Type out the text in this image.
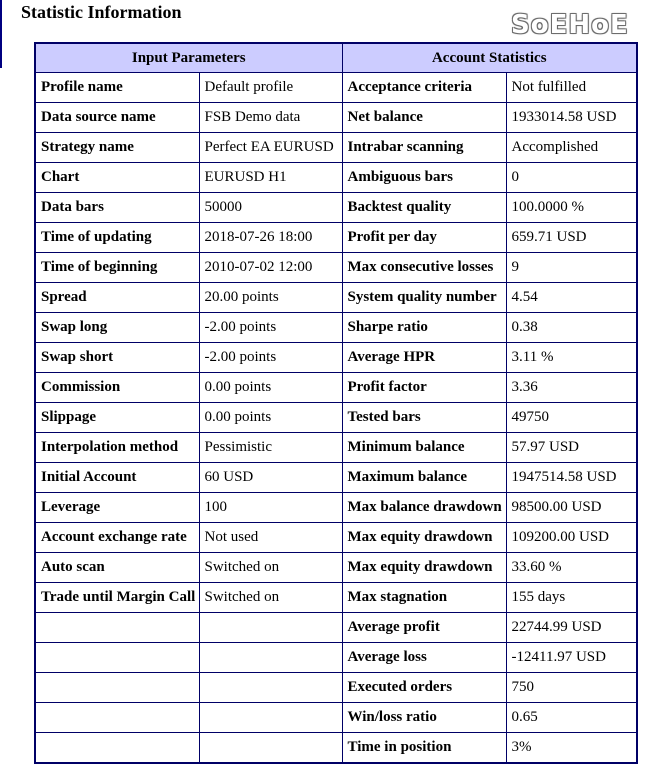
Statistic Information	SoEHoE
Input Parameters		Account Statistics	
Profile name	Default profile	Acceptance criteria	Not fulfilled
Data source name	FSB Demo data	Net balance	1933014.58 USD
Strategy name	Perfect EA EURUSD	Intrabar scanning	Accomplished
Chart	EURUSD H1	Ambiguous bars	0
Data bars	50000	Backtest quality	100.0000 %
Time of updating	2018-07-26 18:00	Profit per day	659.71 USD
Time of beginning	2010-07-02 12:00	Max consecutive losses	9
Spread	20.00 points	System quality number	4.54
Swap long	-2.00 points	Sharpe ratio	0.38
Swap short	-2.00 points	Average HPR	3.11 %
Commission	0.00 points	Profit factor	3.36
Slippage	0.00 points	Tested bars	49750
Interpolation method	Pessimistic	Minimum balance	57.97 USD
Initial Account	60 USD	Maximum balance	1947514.58 USD
Leverage	100	Max balance drawdown	98500.00 USD
Account exchange rate	Not used	Max equity drawdown	109200.00 USD
Auto scan	Switched on	Max equity drawdown	33.60 %
Trade until Margin Call	Switched on	Max stagnation	155 days
		Average profit	22744.99 USD
		Average loss	-12411.97 USD
		Executed orders	750
		Win/loss ratio	0.65
		Time in position	3%
